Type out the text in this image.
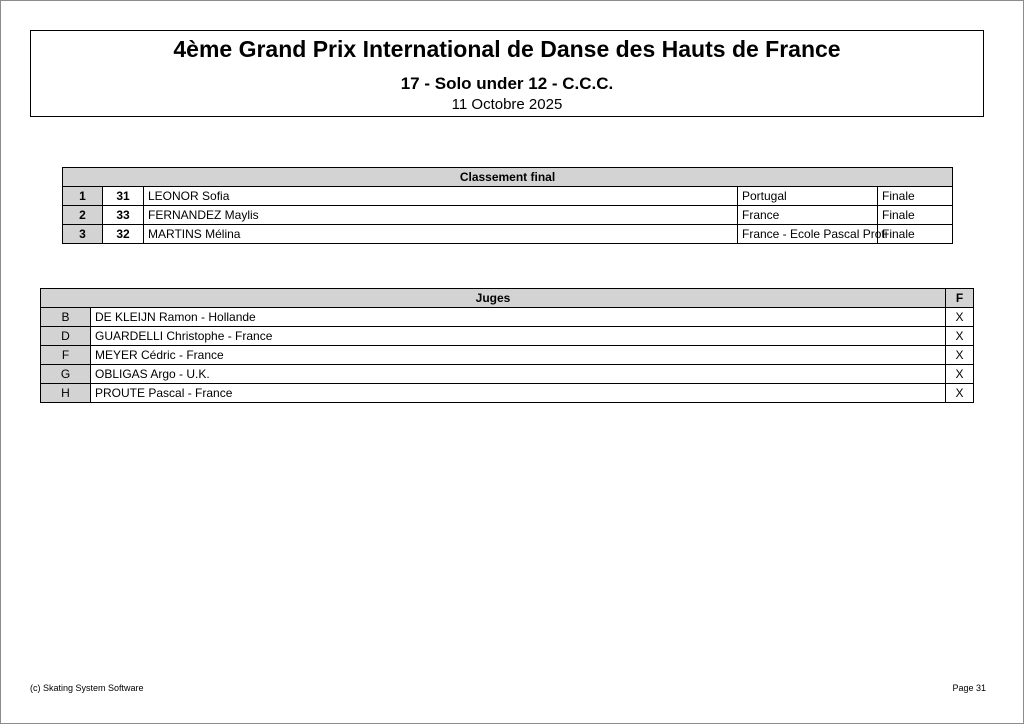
4ème Grand Prix International de Danse des Hauts de France
17 - Solo under 12 - C.C.C.
11 Octobre 2025
Classement final				
1	31	LEONOR Sofia	Portugal	Finale
2	33	FERNANDEZ Maylis	France	Finale
3	32	MARTINS Mélina	France - Ecole Pascal Proti	Finale
Juges		F
B	DE KLEIJN Ramon - Hollande	X
D	GUARDELLI Christophe - France	X
F	MEYER Cédric - France	X
G	OBLIGAS Argo - U.K.	X
H	PROUTE Pascal - France	X
(c) Skating System Software	Page 31
